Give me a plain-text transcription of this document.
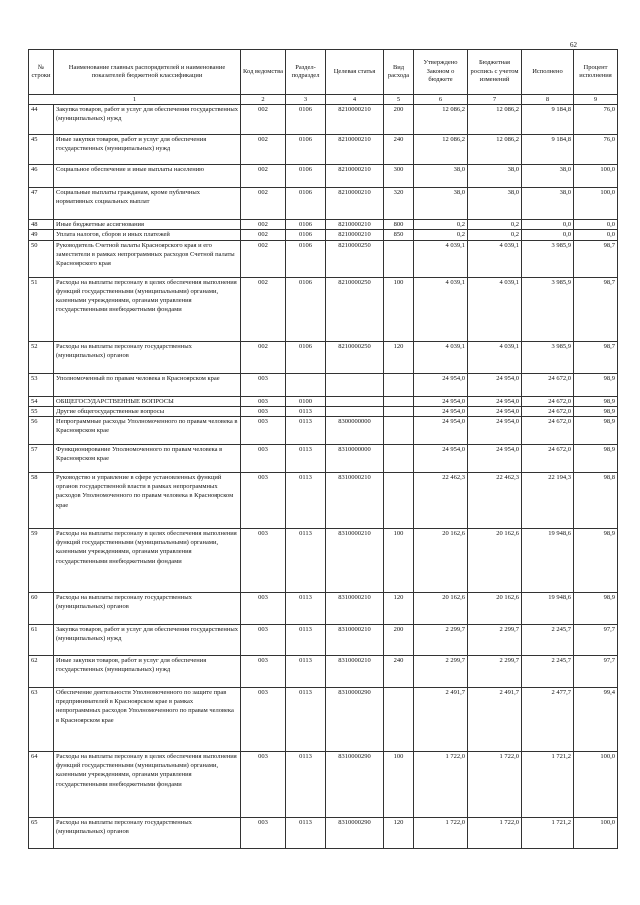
62
№ строки	Наименование главных распорядителей и наименование показателей бюджетной классификации	Код ведомства	Раздел-подраздел	Целевая статья	Вид расхода	Утверждено Законом о бюджете	Бюджетная роспись с учетом изменений	Исполнено	Процент исполнения
1		2	3	4	5	6	7	8	9
44	Закупка товаров, работ и услуг для обеспечения государственных (муниципальных) нужд	002	0106	8210000210	200	12 086,2	12 086,2	9 184,8	76,0
45	Иные закупки товаров, работ и услуг для обеспечения государственных (муниципальных) нужд	002	0106	8210000210	240	12 086,2	12 086,2	9 184,8	76,0
46	Социальное обеспечение и иные выплаты населению	002	0106	8210000210	300	38,0	38,0	38,0	100,0
47	Социальные выплаты гражданам, кроме публичных нормативных социальных выплат	002	0106	8210000210	320	38,0	38,0	38,0	100,0
48	Иные бюджетные ассигнования	002	0106	8210000210	800	0,2	0,2	0,0	0,0
49	Уплата налогов, сборов и иных платежей	002	0106	8210000210	850	0,2	0,2	0,0	0,0
50	Руководитель Счетной палаты Красноярского края и его заместители в рамках непрограммных расходов Счетной палаты Красноярского края	002	0106	8210000250		4 039,1	4 039,1	3 985,9	98,7
51	Расходы на выплаты персоналу в целях обеспечения выполнения функций государственными (муниципальными) органами, казенными учреждениями, органами управления государственными внебюджетными фондами	002	0106	8210000250	100	4 039,1	4 039,1	3 985,9	98,7
52	Расходы на выплаты персоналу государственных (муниципальных) органов	002	0106	8210000250	120	4 039,1	4 039,1	3 985,9	98,7
53	Уполномоченный по правам человека в Красноярском крае	003				24 954,0	24 954,0	24 672,0	98,9
54	ОБЩЕГОСУДАРСТВЕННЫЕ ВОПРОСЫ	003	0100			24 954,0	24 954,0	24 672,0	98,9
55	Другие общегосударственные вопросы	003	0113			24 954,0	24 954,0	24 672,0	98,9
56	Непрограммные расходы Уполномоченного по правам человека в Красноярском крае	003	0113	8300000000		24 954,0	24 954,0	24 672,0	98,9
57	Функционирование Уполномоченного по правам человека в Красноярском крае	003	0113	8310000000		24 954,0	24 954,0	24 672,0	98,9
58	Руководство и управление в сфере установленных функций органов государственной власти в рамках непрограммных расходов Уполномоченного по правам человека в Красноярском крае	003	0113	8310000210		22 462,3	22 462,3	22 194,3	98,8
59	Расходы на выплаты персоналу в целях обеспечения выполнения функций государственными (муниципальными) органами, казенными учреждениями, органами управления государственными внебюджетными фондами	003	0113	8310000210	100	20 162,6	20 162,6	19 948,6	98,9
60	Расходы на выплаты персоналу государственных (муниципальных) органов	003	0113	8310000210	120	20 162,6	20 162,6	19 948,6	98,9
61	Закупка товаров, работ и услуг для обеспечения государственных (муниципальных) нужд	003	0113	8310000210	200	2 299,7	2 299,7	2 245,7	97,7
62	Иные закупки товаров, работ и услуг для обеспечения государственных (муниципальных) нужд	003	0113	8310000210	240	2 299,7	2 299,7	2 245,7	97,7
63	Обеспечение деятельности Уполномоченного по защите прав предпринимателей в Красноярском крае в рамках непрограммных расходов Уполномоченного по правам человека в Красноярском крае	003	0113	8310000290		2 491,7	2 491,7	2 477,7	99,4
64	Расходы на выплаты персоналу в целях обеспечения выполнения функций государственными (муниципальными) органами, казенными учреждениями, органами управления государственными внебюджетными фондами	003	0113	8310000290	100	1 722,0	1 722,0	1 721,2	100,0
65	Расходы на выплаты персоналу государственных (муниципальных) органов	003	0113	8310000290	120	1 722,0	1 722,0	1 721,2	100,0
